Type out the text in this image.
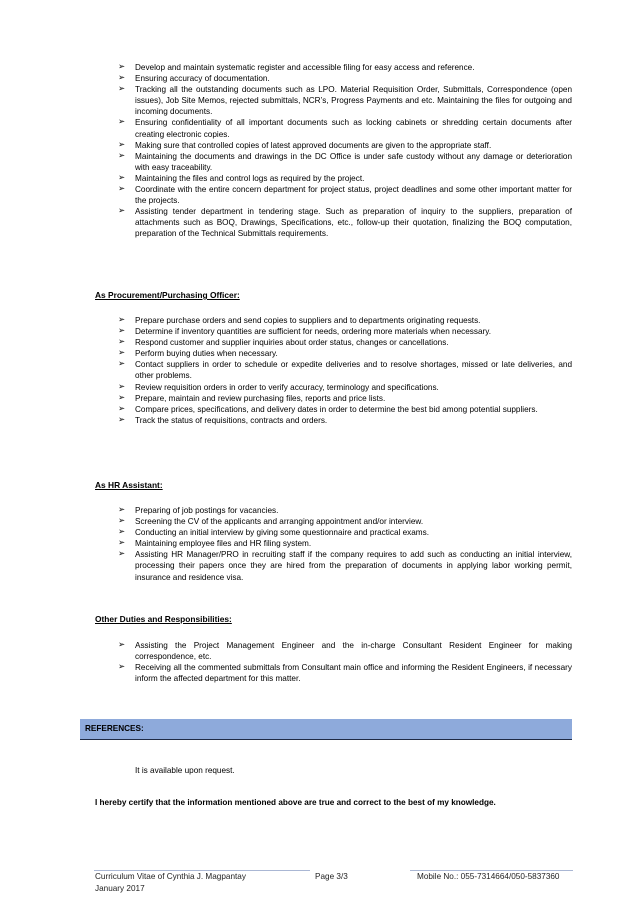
➢ Develop and maintain systematic register and accessible filing for easy access and reference.
➢ Ensuring accuracy of documentation.
➢ Tracking all the outstanding documents such as LPO. Material Requisition Order, Submittals, Correspondence (open issues), Job Site Memos, rejected submittals, NCR’s, Progress Payments and etc. Maintaining the files for outgoing and incoming documents.
➢ Ensuring confidentiality of all important documents such as locking cabinets or shredding certain documents after creating electronic copies.
➢ Making sure that controlled copies of latest approved documents are given to the appropriate staff.
➢ Maintaining the documents and drawings in the DC Office is under safe custody without any damage or deterioration with easy traceability.
➢ Maintaining the files and control logs as required by the project.
➢ Coordinate with the entire concern department for project status, project deadlines and some other important matter for the projects.
➢ Assisting tender department in tendering stage. Such as preparation of inquiry to the suppliers, preparation of attachments such as BOQ, Drawings, Specifications, etc., follow-up their quotation, finalizing the BOQ computation, preparation of the Technical Submittals requirements.
As Procurement/Purchasing Officer:
➢ Prepare purchase orders and send copies to suppliers and to departments originating requests.
➢ Determine if inventory quantities are sufficient for needs, ordering more materials when necessary.
➢ Respond customer and supplier inquiries about order status, changes or cancellations.
➢ Perform buying duties when necessary.
➢ Contact suppliers in order to schedule or expedite deliveries and to resolve shortages, missed or late deliveries, and other problems.
➢ Review requisition orders in order to verify accuracy, terminology and specifications.
➢ Prepare, maintain and review purchasing files, reports and price lists.
➢ Compare prices, specifications, and delivery dates in order to determine the best bid among potential suppliers.
➢ Track the status of requisitions, contracts and orders.
As HR Assistant:
➢ Preparing of job postings for vacancies.
➢ Screening the CV of the applicants and arranging appointment and/or interview.
➢ Conducting an initial interview by giving some questionnaire and practical exams.
➢ Maintaining employee files and HR filing system.
➢ Assisting HR Manager/PRO in recruiting staff if the company requires to add such as conducting an initial interview, processing their papers once they are hired from the preparation of documents in applying labor working permit, insurance and residence visa.
Other Duties and Responsibilities:
➢ Assisting the Project Management Engineer and the in-charge Consultant Resident Engineer for making correspondence, etc.
➢ Receiving all the commented submittals from Consultant main office and informing the Resident Engineers, if necessary inform the affected department for this matter.
REFERENCES:
It is available upon request.
I hereby certify that the information mentioned above are true and correct to the best of my knowledge.
Curriculum Vitae of Cynthia J. Magpantay	Page 3/3	Mobile No.: 055-7314664/050-5837360
January 2017
